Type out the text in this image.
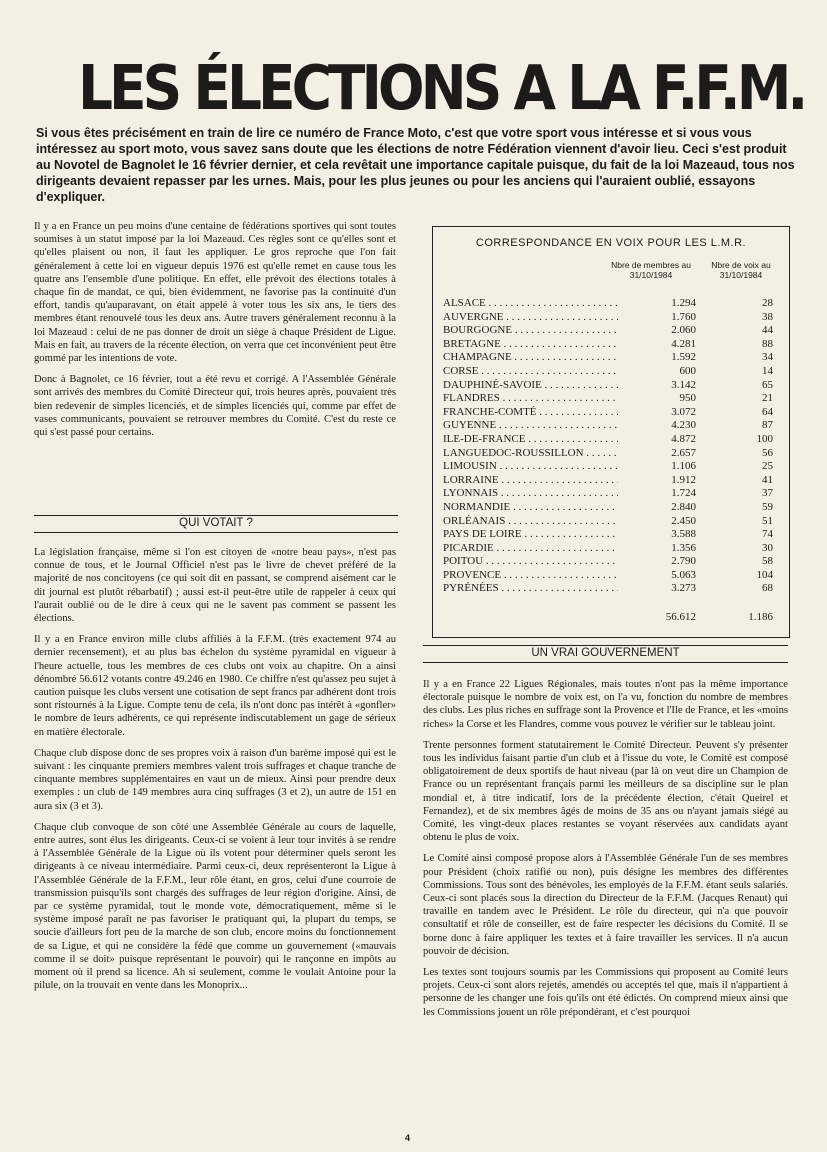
LES ÉLECTIONS A LA F.F.M.

Si vous êtes précisément en train de lire ce numéro de France Moto, c'est que votre sport vous intéresse et si vous vous intéressez au sport moto, vous savez sans doute que les élections de notre Fédération viennent d'avoir lieu. Ceci s'est produit au Novotel de Bagnolet le 16 février dernier, et cela revêtait une importance capitale puisque, du fait de la loi Mazeaud, tous nos dirigeants devaient repasser par les urnes. Mais, pour les plus jeunes ou pour les anciens qui l'auraient oublié, essayons d'expliquer.

Il y a en France un peu moins d'une centaine de fédérations sportives qui sont toutes soumises à un statut imposé par la loi Mazeaud. Ces règles sont ce qu'elles sont et qu'elles plaisent ou non, il faut les appliquer. Le gros reproche que l'on fait généralement à cette loi en vigueur depuis 1976 est qu'elle remet en cause tous les quatre ans l'ensemble d'une politique. En effet, elle prévoit des élections totales à chaque fin de mandat, ce qui, bien évidemment, ne favorise pas la continuité d'un effort, tandis qu'auparavant, on était appelé à voter tous les six ans, le tiers des membres étant renouvelé tous les deux ans. Autre travers généralement reconnu à la loi Mazeaud : celui de ne pas donner de droit un siège à chaque Président de Ligue. Mais en fait, au travers de la récente élection, on verra que cet inconvénient peut être gommé par les intentions de vote.

Donc à Bagnolet, ce 16 février, tout a été revu et corrigé. A l'Assemblée Générale sont arrivés des membres du Comité Directeur qui, trois heures après, pouvaient très bien redevenir de simples licenciés, et de simples licenciés qui, comme par effet de vases communicants, pouvaient se retrouver membres du Comité. C'est du reste ce qui s'est passé pour certains.

QUI VOTAIT ?

La législation française, même si l'on est citoyen de «notre beau pays», n'est pas connue de tous, et le Journal Officiel n'est pas le livre de chevet préféré de la majorité de nos concitoyens (ce qui soit dit en passant, se comprend aisément car le dit journal est plutôt rébarbatif) ; aussi est-il peut-être utile de rappeler à ceux qui l'aurait oublié ou de le dire à ceux qui ne le savent pas comment se passent les élections.

Il y a en France environ mille clubs affiliés à la F.F.M. (très exactement 974 au dernier recensement), et au plus bas échelon du système pyramidal en vigueur à l'heure actuelle, tous les membres de ces clubs ont voix au chapitre. On a ainsi dénombré 56.612 votants contre 49.246 en 1980. Ce chiffre n'est qu'assez peu sujet à caution puisque les clubs versent une cotisation de sept francs par adhérent dont trois sont ristournés à la Ligue. Compte tenu de cela, ils n'ont donc pas intérêt à «gonfler» le nombre de leurs adhérents, ce qui représente indiscutablement un gage de sérieux en matière électorale.

Chaque club dispose donc de ses propres voix à raison d'un barème imposé qui est le suivant : les cinquante premiers membres valent trois suffrages et chaque tranche de cinquante membres supplémentaires en vaut un de mieux. Ainsi pour prendre deux exemples : un club de 149 membres aura cinq suffrages (3 et 2), un autre de 151 en aura six (3 et 3).

Chaque club convoque de son côté une Assemblée Générale au cours de laquelle, entre autres, sont élus les dirigeants. Ceux-ci se voient à leur tour invités à se rendre à l'Assemblée Générale de la Ligue où ils votent pour déterminer quels seront les dirigeants à ce niveau intermédiaire. Parmi ceux-ci, deux représenteront la Ligue à l'Assemblée Générale de la F.F.M., leur rôle étant, en gros, celui d'une courroie de transmission puisqu'ils sont chargés des suffrages de leur région d'origine. Ainsi, de par ce système pyramidal, tout le monde vote, démocratiquement, même si le système imposé paraît ne pas favoriser le pratiquant qui, la plupart du temps, se soucie d'ailleurs fort peu de la marche de son club, encore moins du fonctionnement de sa Ligue, et qui ne considère la fédé que comme un gouvernement («mauvais comme il se doit» puisque représentant le pouvoir) qui le rançonne en impôts au moment où il prend sa licence. Ah si seulement, comme le voulait Antoine pour la pilule, on la trouvait en vente dans les Monoprix...

CORRESPONDANCE EN VOIX POUR LES L.M.R.
Nbre de membres au 31/10/1984
Nbre de voix au 31/10/1984
ALSACE . . .	1.294	28
AUVERGNE . . .	1.760	38
BOURGOGNE . . .	2.060	44
BRETAGNE . . .	4.281	88
CHAMPAGNE . . .	1.592	34
CORSE . . .	600	14
DAUPHINÉ-SAVOIE . . .	3.142	65
FLANDRES . . .	950	21
FRANCHE-COMTÉ . . .	3.072	64
GUYENNE . . .	4.230	87
ILE-DE-FRANCE . . .	4.872	100
LANGUEDOC-ROUSSILLON . . .	2.657	56
LIMOUSIN . . .	1.106	25
LORRAINE . . .	1.912	41
LYONNAIS . . .	1.724	37
NORMANDIE . . .	2.840	59
ORLÉANAIS . . .	2.450	51
PAYS DE LOIRE . . .	3.588	74
PICARDIE . . .	1.356	30
POITOU . . .	2.790	58
PROVENCE . . .	5.063	104
PYRÉNÉES . . .	3.273	68
56.612	1.186
UN VRAI GOUVERNEMENT

Il y a en France 22 Ligues Régionales, mais toutes n'ont pas la même importance électorale puisque le nombre de voix est, on l'a vu, fonction du nombre de membres des clubs. Les plus riches en suffrage sont la Provence et l'Ile de France, et les «moins riches» la Corse et les Flandres, comme vous pouvez le vérifier sur le tableau joint.

Trente personnes forment statutairement le Comité Directeur. Peuvent s'y présenter tous les individus faisant partie d'un club et à l'issue du vote, le Comité est composé obligatoirement de deux sportifs de haut niveau (par là on veut dire un Champion de France ou un représentant français parmi les meilleurs de sa discipline sur le plan mondial et, à titre indicatif, lors de la précédente élection, c'était Queirel et Fernandez), et de six membres âgés de moins de 35 ans ou n'ayant jamais siégé au Comité, les vingt-deux places restantes se voyant réservées aux candidats ayant obtenu le plus de voix.

Le Comité ainsi composé propose alors à l'Assemblée Générale l'un de ses membres pour Président (choix ratifié ou non), puis désigne les membres des différentes Commissions. Tous sont des bénévoles, les employés de la F.F.M. étant seuls salariés. Ceux-ci sont placés sous la direction du Directeur de la F.F.M. (Jacques Renaut) qui travaille en tandem avec le Président. Le rôle du directeur, qui n'a que pouvoir consultatif et rôle de conseiller, est de faire respecter les décisions du Comité. Il se borne donc à faire appliquer les textes et à faire travailler les services. Il n'a aucun pouvoir de décision.

Les textes sont toujours soumis par les Commissions qui proposent au Comité leurs projets. Ceux-ci sont alors rejetés, amendés ou acceptés tel que, mais il n'appartient à personne de les changer une fois qu'ils ont été édictés. On comprend mieux ainsi que les Commissions jouent un rôle prépondérant, et c'est pourquoi

4
